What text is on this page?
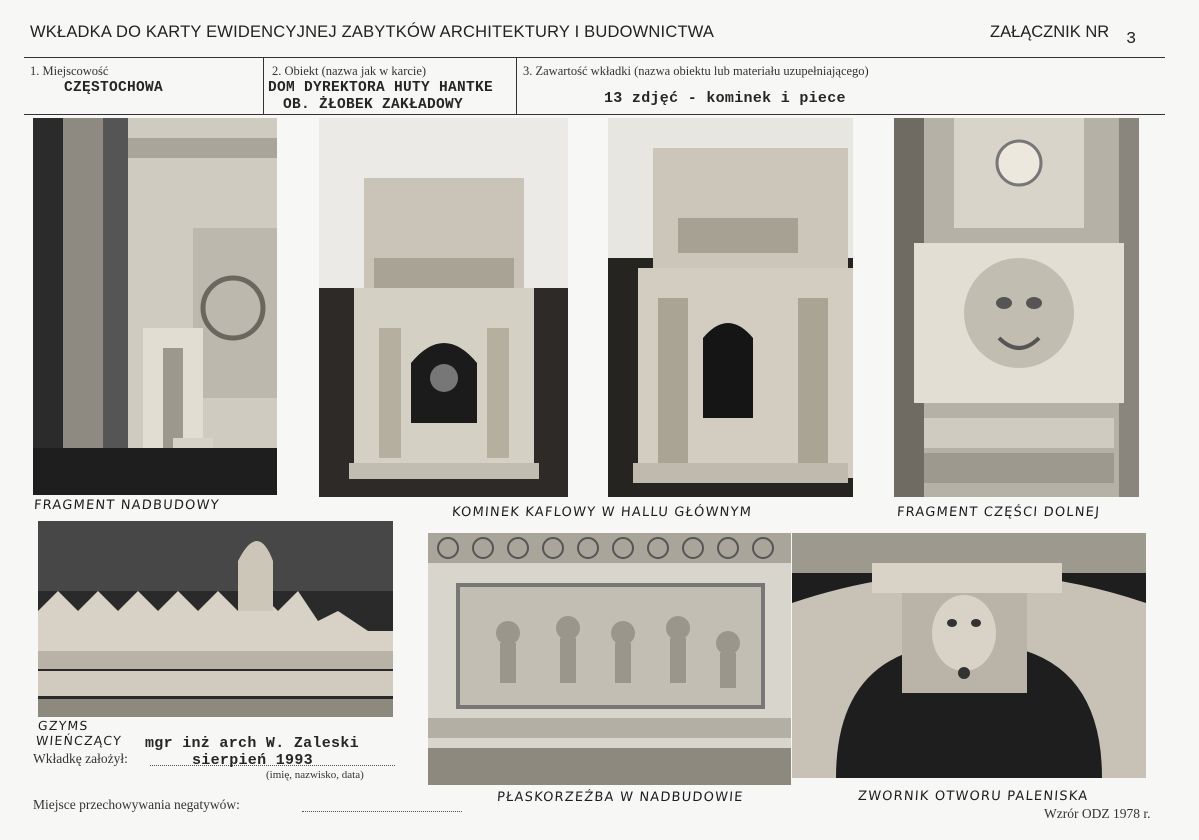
WKŁADKA DO KARTY EWIDENCYJNEJ ZABYTKÓW ARCHITEKTURY I BUDOWNICTWA	ZAŁĄCZNIK NR 3
1. Miejscowość
CZĘSTOCHOWA
2. Obiekt (nazwa jak w karcie)
DOM DYREKTORA HUTY HANTKE
OB. ŻŁOBEK ZAKŁADOWY
3. Zawartość wkładki (nazwa obiektu lub materiału uzupełniającego)
13 zdjęć - kominek i piece
FRAGMENT NADBUDOWY	KOMINEK KAFLOWY W HALLU GŁÓWNYM	FRAGMENT CZĘŚCI DOLNEJ
GZYMS
WIEŃCZĄCY mgr inż arch W. Zaleski
Wkładkę założył:	sierpień 1993
(imię, nazwisko, data)
Miejsce przechowywania negatywów:	PŁASKORZEŹBA W NADBUDOWIE	ZWORNIK OTWORU PALENISKA
Wzrór ODZ 1978 r.
